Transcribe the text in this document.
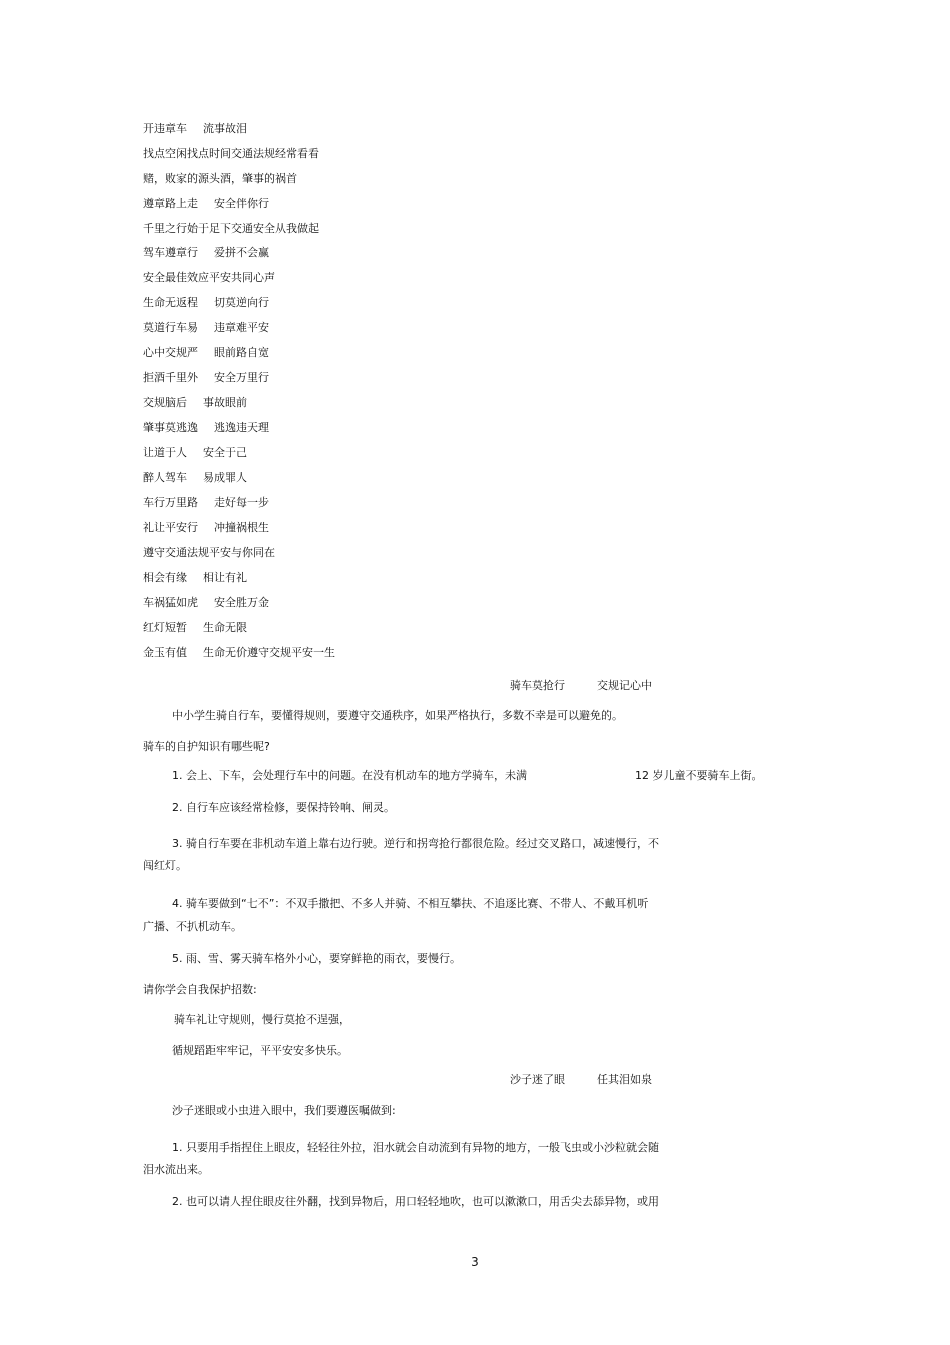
开违章车 流事故泪
找点空闲找点时间交通法规经常看看
赌，败家的源头酒，肇事的祸首
遵章路上走 安全伴你行
千里之行始于足下交通安全从我做起
驾车遵章行 爱拼不会赢
安全最佳效应平安共同心声
生命无返程 切莫逆向行
莫道行车易 违章难平安
心中交规严 眼前路自宽
拒酒千里外 安全万里行
交规脑后 事故眼前
肇事莫逃逸 逃逸违天理
让道于人 安全于己
醉人驾车 易成罪人
车行万里路 走好每一步
礼让平安行 冲撞祸根生
遵守交通法规平安与你同在
相会有缘 相让有礼
车祸猛如虎 安全胜万金
红灯短暂 生命无限
金玉有值 生命无价遵守交规平安一生
骑车莫抢行	交规记心中
中小学生骑自行车，要懂得规则，要遵守交通秩序，如果严格执行，多数不幸是可以避免的。
骑车的自护知识有哪些呢?
1. 会上、下车，会处理行车中的问题。在没有机动车的地方学骑车，未满	12 岁儿童不要骑车上街。
2. 自行车应该经常检修，要保持铃响、闸灵。
3. 骑自行车要在非机动车道上靠右边行驶。逆行和拐弯抢行都很危险。经过交叉路口，减速慢行，不
闯红灯。
4. 骑车要做到“七不”：不双手撒把、不多人并骑、不相互攀扶、不追逐比赛、不带人、不戴耳机听
广播、不扒机动车。
5. 雨、雪、雾天骑车格外小心，要穿鲜艳的雨衣，要慢行。
请你学会自我保护招数:
骑车礼让守规则，慢行莫抢不逞强，
循规蹈距牢牢记，平平安安多快乐。
沙子迷了眼	任其泪如泉
沙子迷眼或小虫进入眼中，我们要遵医嘱做到:
1. 只要用手指捏住上眼皮，轻轻往外拉，泪水就会自动流到有异物的地方，一般飞虫或小沙粒就会随
泪水流出来。
2. 也可以请人捏住眼皮往外翻，找到异物后，用口轻轻地吹，也可以漱漱口，用舌尖去舔异物，或用
3
